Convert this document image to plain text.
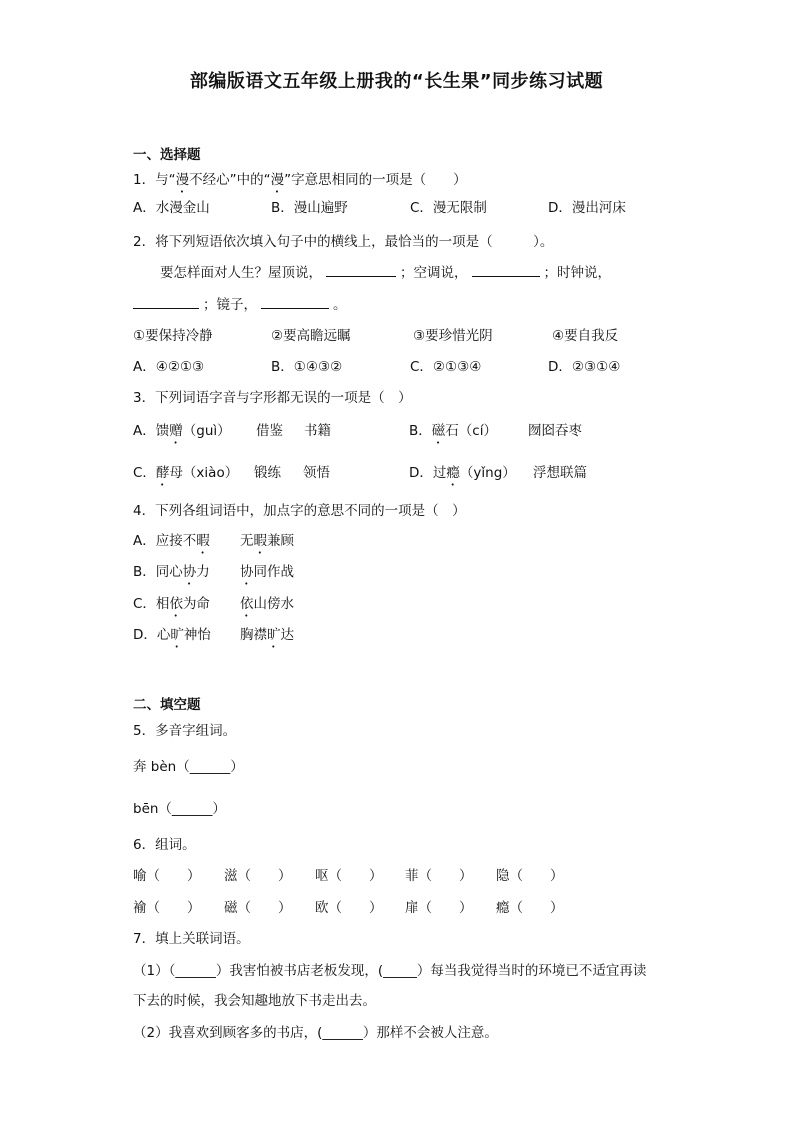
部编版语文五年级上册我的“长生果”同步练习试题
一、选择题
1．与“漫不经心”中的“漫”字意思相同的一项是（　　）
A．水漫金山	B．漫山遍野	C．漫无限制	D．漫出河床
2．将下列短语依次填入句子中的横线上，最恰当的一项是（　　　）。
要怎样面对人生？屋顶说，	；空调说，	；时钟说，
；镜子，	。
①要保持冷静	②要高瞻远瞩	③要珍惜光阴	④要自我反
A．④②①③	B．①④③②	C．②①③④	D．②③①④
3．下列词语字音与字形都无误的一项是（　）
A．馈赠（guì） 借鉴 书籍	B．磁石（cí） 囫囵吞枣
C．酵母（xiào） 锻练 领悟	D．过瘾（yǐng） 浮想联篇
4．下列各组词语中，加点字的意思不同的一项是（　）
A．应接不暇 无暇兼顾
B．同心协力 协同作战
C．相依为命 依山傍水
D．心旷神怡 胸襟旷达
二、填空题
5．多音字组词。
奔 bèn（______）
bēn（______）
6．组词。
喻（　　） 滋（　　） 呕（　　） 菲（　　） 隐（　　）
褕（　　） 磁（　　） 欧（　　） 扉（　　） 瘾（　　）
7．填上关联词语。
（1）（______）我害怕被书店老板发现，(_____）每当我觉得当时的环境已不适宜再读
下去的时候，我会知趣地放下书走出去。
（2）我喜欢到顾客多的书店，(______）那样不会被人注意。
